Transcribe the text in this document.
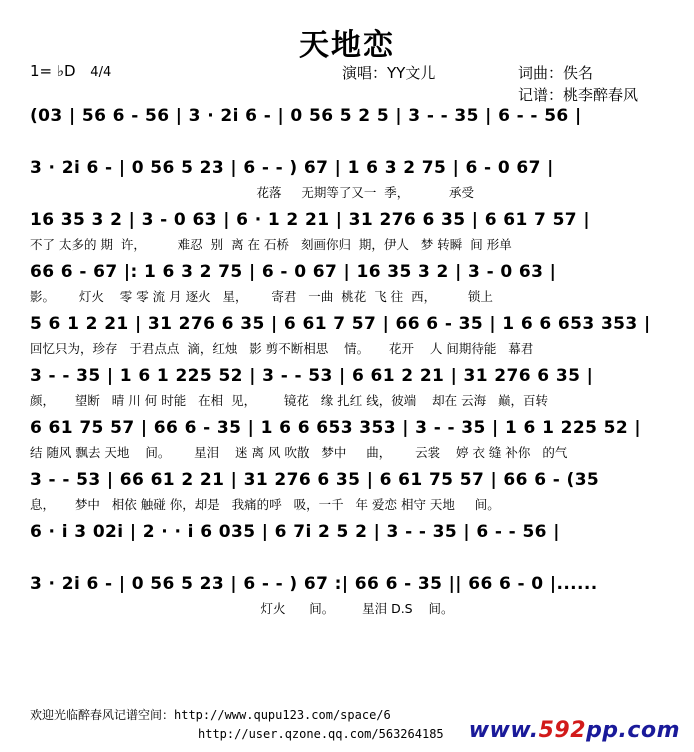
天地恋
1= ♭D 4/4	演唱：YY文儿	词曲：佚名
记谱：桃李醉春风
(03 | 56 6 - 56 | 3 · 2i 6 - | 0 56 5 2 5 | 3 - - 35 | 6 - - 56 |
3 · 2i 6 - | 0 56 5 23 | 6 - - ) 67 | 1 6 3 2 75 | 6 - 0 67 |
花落     无期等了又一  季，          承受
16 35 3 2 | 3 - 0 63 | 6 · 1 2 21 | 31 276 6 35 | 6 61 7 57 |
不了 太多的 期  许，        难忍  别  离 在 石桥   刻画你归  期，伊人   梦 转瞬  间 形单
66 6 - 67 |: 1 6 3 2 75 | 6 - 0 67 | 16 35 3 2 | 3 - 0 63 |
影。      灯火    零 零 流 月 逐火   星，      寄君   一曲  桃花  飞 往  西，        锁上
5 6 1 2 21 | 31 276 6 35 | 6 61 7 57 | 66 6 - 35 | 1 6 6 653 353 |
回忆只为，珍存   于君点点  滴，红烛   影 剪不断相思    情。     花开    人 间期待能   幕君
3 - - 35 | 1 6 1 225 52 | 3 - - 53 | 6 61 2 21 | 31 276 6 35 |
颜，     望断   晴 川 何 时能   在相  见，       镜花   缘 扎红 线，彼端    却在 云海   巅，百转
6 61 75 57 | 66 6 - 35 | 1 6 6 653 353 | 3 - - 35 | 1 6 1 225 52 |
结 随风 飘去 天地    间。      星泪    迷 离 风 吹散   梦中     曲，      云裳    婷 衣 缝 补你   的气
3 - - 53 | 66 61 2 21 | 31 276 6 35 | 6 61 75 57 | 66 6 - (35
息，     梦中   相依 触碰 你，却是   我痛的呼   吸，一千   年 爱恋 相守 天地     间。
6 · i 3 02i | 2 · · i 6 035 | 6 7i 2 5 2 | 3 - - 35 | 6 - - 56 |
3 · 2i 6 - | 0 56 5 23 | 6 - - ) 67 :| 66 6 - 35 || 66 6 - 0 |......
灯火      间。       星泪 D.S    间。
欢迎光临醉春风记谱空间：http://www.qupu123.com/space/6
http://user.qzone.qq.com/563264185 www.592pp.com
